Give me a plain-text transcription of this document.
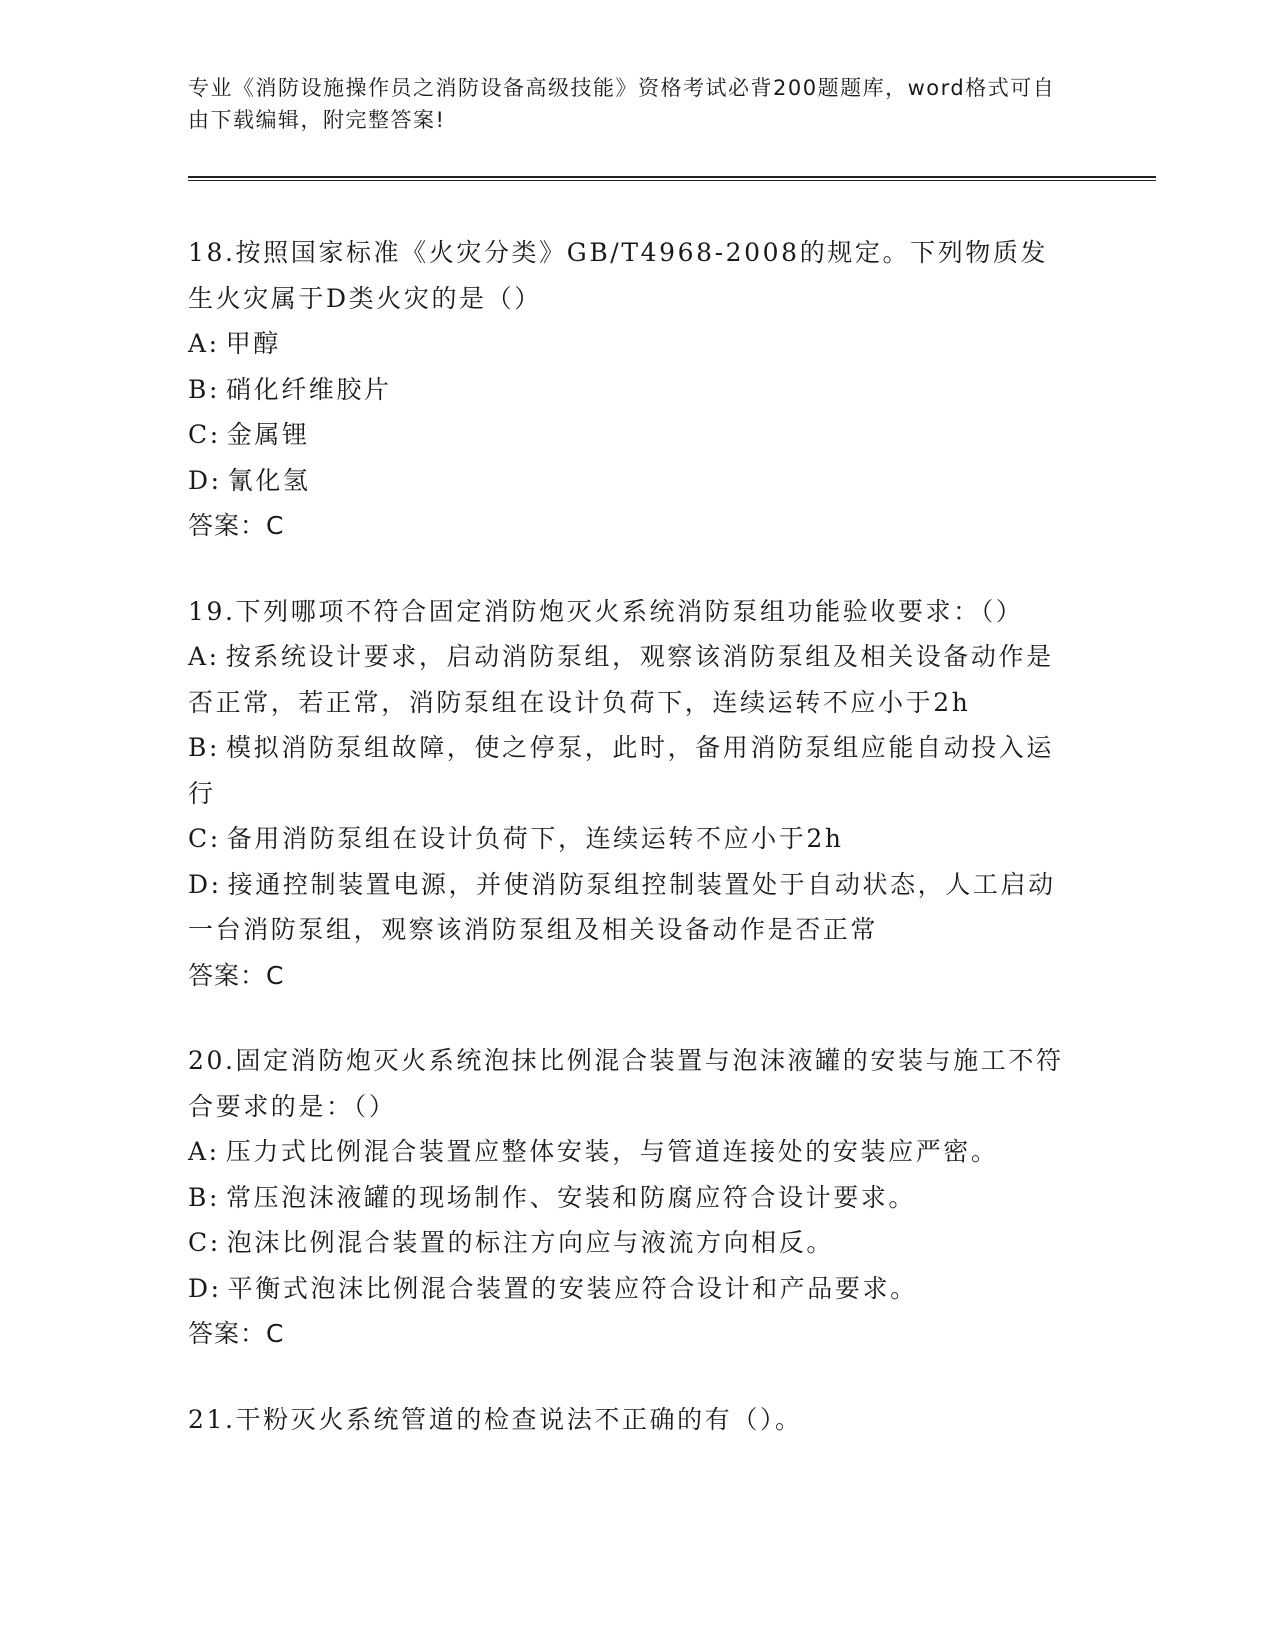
专业《消防设施操作员之消防设备高级技能》资格考试必背200题题库，word格式可自由下载编辑，附完整答案!

18.按照国家标准《火灾分类》GB/T4968-2008的规定。下列物质发生火灾属于D类火灾的是（）

A: 甲醇

B: 硝化纤维胶片

C: 金属锂

D: 氰化氢

答案：C

19.下列哪项不符合固定消防炮灭火系统消防泵组功能验收要求：（）

A: 按系统设计要求，启动消防泵组，观察该消防泵组及相关设备动作是否正常，若正常，消防泵组在设计负荷下，连续运转不应小于2h

B: 模拟消防泵组故障，使之停泵，此时，备用消防泵组应能自动投入运行

C: 备用消防泵组在设计负荷下，连续运转不应小于2h

D: 接通控制装置电源，并使消防泵组控制装置处于自动状态，人工启动一台消防泵组，观察该消防泵组及相关设备动作是否正常

答案：C

20.固定消防炮灭火系统泡抹比例混合装置与泡沫液罐的安装与施工不符合要求的是：（）

A: 压力式比例混合装置应整体安装，与管道连接处的安装应严密。

B: 常压泡沫液罐的现场制作、安装和防腐应符合设计要求。

C: 泡沫比例混合装置的标注方向应与液流方向相反。

D: 平衡式泡沫比例混合装置的安装应符合设计和产品要求。

答案：C

21.干粉灭火系统管道的检查说法不正确的有（）。
